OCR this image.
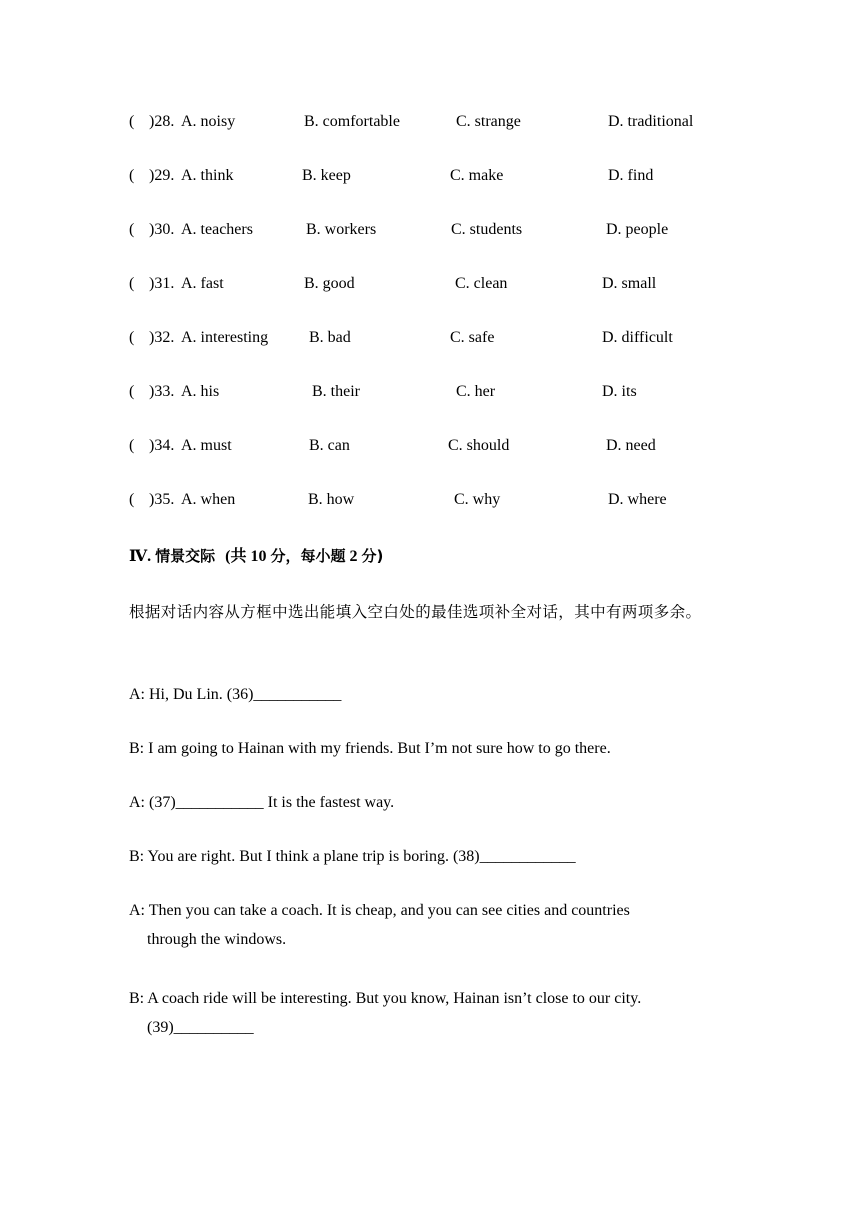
( )28. A. noisy	B. comfortable	C. strange	D. traditional
( )29. A. think	B. keep	C. make	D. find
( )30. A. teachers	B. workers	C. students	D. people
( )31. A. fast	B. good	C. clean	D. small
( )32. A. interesting	B. bad	C. safe	D. difficult
( )33. A. his	B. their	C. her	D. its
( )34. A. must	B. can	C. should	D. need
( )35. A. when	B. how	C. why	D. where
Ⅳ. 情景交际 (共 10 分，每小题 2 分)
根据对话内容从方框中选出能填入空白处的最佳选项补全对话，其中有两项多余。
A: Hi, Du Lin. (36)___________
B: I am going to Hainan with my friends. But I’m not sure how to go there.
A: (37)___________ It is the fastest way.
B: You are right. But I think a plane trip is boring. (38)____________
A: Then you can take a coach. It is cheap, and you can see cities and countries
through the windows.
B: A coach ride will be interesting. But you know, Hainan isn’t close to our city.
(39)__________
